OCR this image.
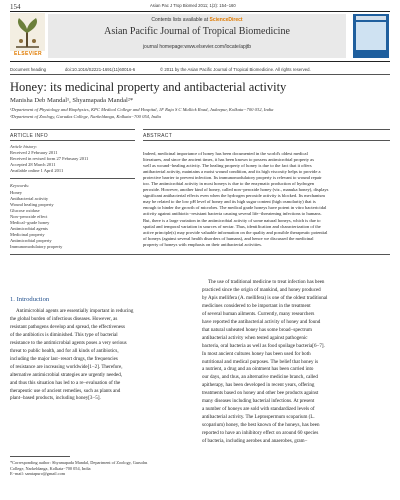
154	Asian Pac J Trop Biomed 2011; 1(2): 154−160
ELSEVIER
Contents lists available at ScienceDirect
Asian Pacific Journal of Tropical Biomedicine
journal homepage:www.elsevier.com/locate/apjtb
Document heading	doi:10.1016/S2221-1691(11)60016-6	© 2011 by the Asian Pacific Journal of Tropical Biomedicine. All rights reserved.
Honey: its medicinal property and antibacterial activity
Manisha Deb Mandal¹, Shyamapada Mandal²*
¹Department of Physiology and Biophysics, KPC Medical College and Hospital, 1F Raja S C Mullick Road, Jadavpur, Kolkata−700 032, India
²Department of Zoology, Gurudas College, Narkeldanga, Kolkata−700 054, India
ARTICLE INFO	ABSTRACT
Article history:
Received 2 February 2011
Received in revised form 27 February 2011
Accepted 28 March 2011
Available online 1 April 2011
Keywords:
Honey
Antibacterial activity
Wound healing property
Glucose oxidase
Non−peroxide effect
Medical−grade honey
Antimicrobial agents
Medicinal property
Antimicrobial property
Immunomodulatory property
Indeed, medicinal importance of honey has been documented in the world's oldest medical
literatures, and since the ancient times, it has been known to possess antimicrobial property as
well as wound−healing activity. The healing property of honey is due to the fact that it offers
antibacterial activity, maintains a moist wound condition, and its high viscosity helps to provide a
protective barrier to prevent infection. Its immunomodulatory property is relevant to wound repair
too. The antimicrobial activity in most honeys is due to the enzymatic production of hydrogen
peroxide. However, another kind of honey, called non−peroxide honey (viz., manuka honey), displays
significant antibacterial effects even when the hydrogen peroxide activity is blocked. Its mechanism
may be related to the low pH level of honey and its high sugar content (high osmolarity) that is
enough to hinder the growth of microbes. The medical grade honeys have potent in vitro bactericidal
activity against antibiotic−resistant bacteria causing several life−threatening infections to humans.
But, there is a large variation in the antimicrobial activity of some natural honeys, which is due to
spatial and temporal variation in sources of nectar. Thus, identification and characterization of the
active principle(s) may provide valuable information on the quality and possible therapeutic potential
of honeys (against several health disorders of humans), and hence we discussed the medicinal
property of honeys with emphasis on their antibacterial activities.
1. Introduction
Antimicrobial agents are essentially important in reducing
the global burden of infectious diseases. However, as
resistant pathogens develop and spread, the effectiveness
of the antibiotics is diminished. This type of bacterial
resistance to the antimicrobial agents poses a very serious
threat to public health, and for all kinds of antibiotics,
including the major last−resort drugs, the frequencies
of resistance are increasing worldwide[1−2]. Therefore,
alternative antimicrobial strategies are urgently needed,
and thus this situation has led to a re−evaluation of the
therapeutic use of ancient remedies, such as plants and
plant−based products, including honey[3−5].
The use of traditional medicine to treat infection has been
practiced since the origin of mankind, and honey produced
by Apis mellifera (A. mellifera) is one of the oldest traditional
medicines considered to be important in the treatment
of several human ailments. Currently, many researchers
have reported the antibacterial activity of honey and found
that natural unheated honey has some broad−spectrum
antibacterial activity when tested against pathogenic
bacteria, oral bacteria as well as food spoilage bacteria[6−7].
In most ancient cultures honey has been used for both
nutritional and medical purposes. The belief that honey is
a nutrient, a drug and an ointment has been carried into
our days, and thus, an alternative medicine branch, called
apitherapy, has been developed in recent years, offering
treatments based on honey and other bee products against
many diseases including bacterial infections. At present
a number of honeys are sold with standardized levels of
antibacterial activity. The Leptospermum scoparium (L.
scoparium) honey, the best known of the honeys, has been
reported to have an inhibitory effect on around 60 species
of bacteria, including aerobes and anaerobes, gram−
*Corresponding author: Shyamapada Mandal, Department of Zoology, Gurudas
College, Narkeldanga, Kolkata−700 054, India
E−mail: samtapuro@gmail.com
